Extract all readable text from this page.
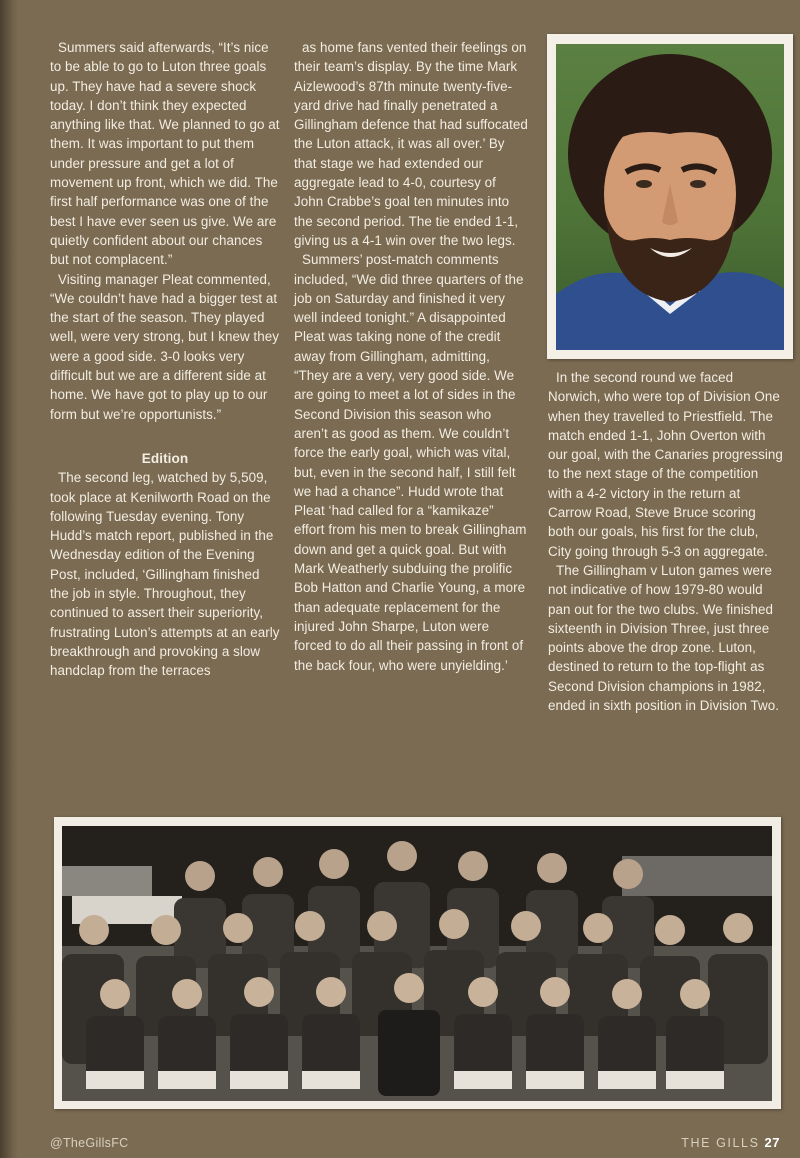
Summers said afterwards, “It’s nice to be able to go to Luton three goals up. They have had a severe shock today. I don’t think they expected anything like that. We planned to go at them. It was important to put them under pressure and get a lot of movement up front, which we did. The first half performance was one of the best I have ever seen us give. We are quietly confident about our chances but not complacent.”

Visiting manager Pleat commented, “We couldn’t have had a bigger test at the start of the season. They played well, were very strong, but I knew they were a good side. 3-0 looks very difficult but we are a different side at home. We have got to play up to our form but we’re opportunists.”

Edition

The second leg, watched by 5,509, took place at Kenilworth Road on the following Tuesday evening. Tony Hudd’s match report, published in the Wednesday edition of the Evening Post, included, ‘Gillingham finished the job in style. Throughout, they continued to assert their superiority, frustrating Luton’s attempts at an early breakthrough and provoking a slow handclap from the terraces

as home fans vented their feelings on their team’s display. By the time Mark Aizlewood’s 87th minute twenty-five-yard drive had finally penetrated a Gillingham defence that had suffocated the Luton attack, it was all over.’ By that stage we had extended our aggregate lead to 4-0, courtesy of John Crabbe’s goal ten minutes into the second period. The tie ended 1-1, giving us a 4-1 win over the two legs.

Summers’ post-match comments included, “We did three quarters of the job on Saturday and finished it very well indeed tonight.” A disappointed Pleat was taking none of the credit away from Gillingham, admitting, “They are a very, very good side. We are going to meet a lot of sides in the Second Division this season who aren’t as good as them. We couldn’t force the early goal, which was vital, but, even in the second half, I still felt we had a chance”. Hudd wrote that Pleat ‘had called for a “kamikaze” effort from his men to break Gillingham down and get a quick goal. But with Mark Weatherly subduing the prolific Bob Hatton and Charlie Young, a more than adequate replacement for the injured John Sharpe, Luton were forced to do all their passing in front of the back four, who were unyielding.’

In the second round we faced Norwich, who were top of Division One when they travelled to Priestfield. The match ended 1-1, John Overton with our goal, with the Canaries progressing to the next stage of the competition with a 4-2 victory in the return at Carrow Road, Steve Bruce scoring both our goals, his first for the club, City going through 5-3 on aggregate.

The Gillingham v Luton games were not indicative of how 1979-80 would pan out for the two clubs. We finished sixteenth in Division Three, just three points above the drop zone. Luton, destined to return to the top-flight as Second Division champions in 1982, ended in sixth position in Division Two.

@TheGillsFC	THE GILLS 27
